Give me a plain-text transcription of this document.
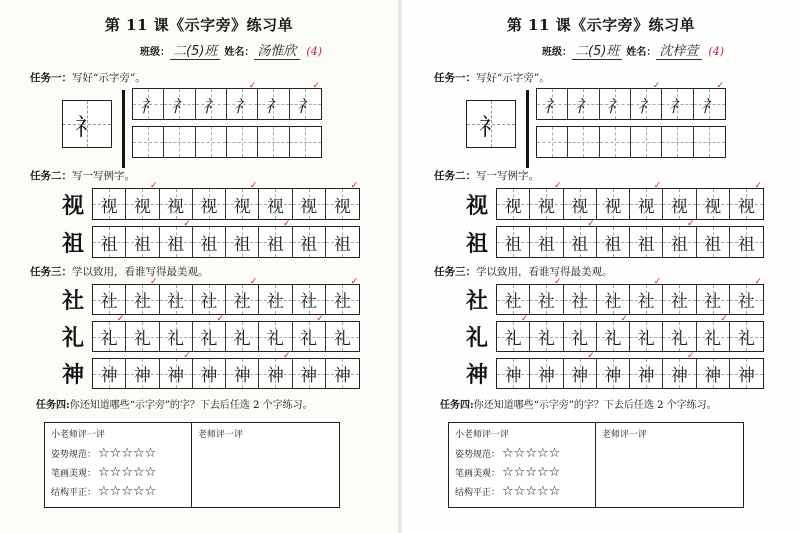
第 11 课《示字旁》练习单
班级： 二(5)班 姓名： 汤惟欣 (4)
任务一：写好“示字旁”。
礻
礻 礻 礻 礻
✓
礻 礻
✓
任务二：写一写例字。
视 视 视
✓
视 视 视
✓
视 视 视
✓
祖 祖 祖 祖
✓
祖 祖 祖
✓
祖 祖
任务三：学以致用，看谁写得最美观。
社 社 社
✓
社 社 社
✓
社 社 社
✓
礼 礼
✓
礼 礼 礼
✓
礼 礼 礼
✓
礼
神 神 神 神
✓
神 神 神
✓
神 神
任务四:你还知道哪些“示字旁”的字？下去后任选 2 个字练习。
小老师评一评
姿势规范： ☆☆☆☆☆
笔画美观： ☆☆☆☆☆
结构平正： ☆☆☆☆☆
老师评一评
第 11 课《示字旁》练习单
班级： 二(5)班 姓名： 沈梓萱 (4)
任务一：写好“示字旁”。
礻
礻 礻 礻 礻
✓
礻 礻
✓
任务二：写一写例字。
视 视 视
✓
视 视 视
✓
视 视 视
✓
祖 祖 祖 祖
✓
祖 祖 祖
✓
祖 祖
任务三：学以致用，看谁写得最美观。
社 社 社
✓
社 社 社
✓
社 社 社
✓
礼 礼
✓
礼 礼 礼
✓
礼 礼 礼
✓
礼
神 神 神 神
✓
神 神 神
✓
神 神
任务四:你还知道哪些“示字旁”的字？下去后任选 2 个字练习。
小老师评一评
姿势规范： ☆☆☆☆☆
笔画美观： ☆☆☆☆☆
结构平正： ☆☆☆☆☆
老师评一评
